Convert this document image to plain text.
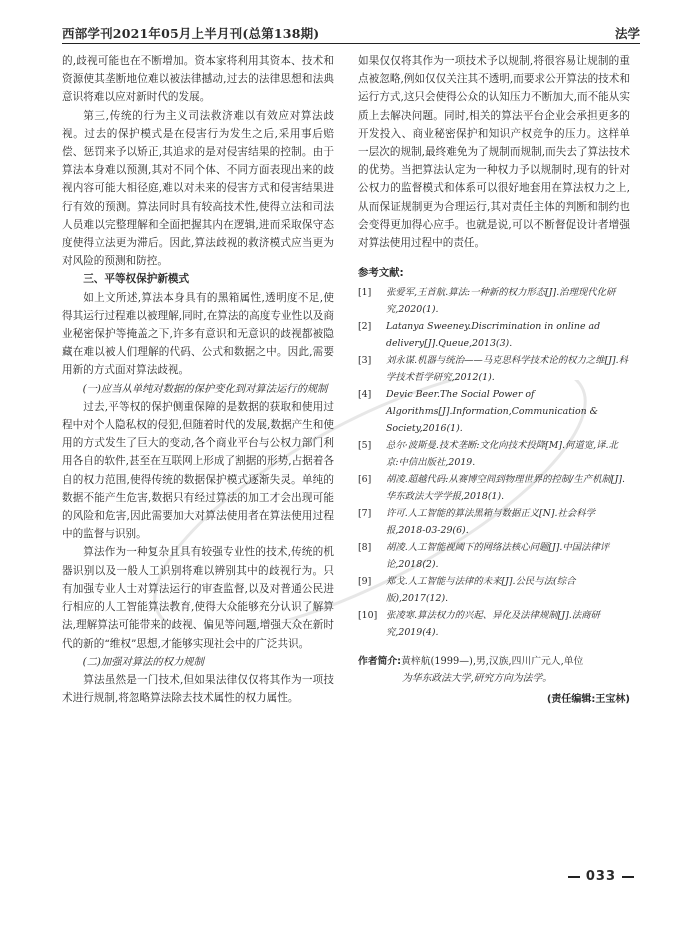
西部学刊2021年05月上半月刊(总第138期)	法学
的,歧视可能也在不断增加。资本家将利用其资本、技术和资源使其垄断地位难以被法律撼动,过去的法律思想和法典意识将难以应对新时代的发展。
第三,传统的行为主义司法救济难以有效应对算法歧视。过去的保护模式是在侵害行为发生之后,采用事后赔偿、惩罚来予以矫正,其追求的是对侵害结果的控制。由于算法本身难以预测,其对不同个体、不同方面表现出来的歧视内容可能大相径庭,难以对未来的侵害方式和侵害结果进行有效的预测。算法同时具有较高技术性,使得立法和司法人员难以完整理解和全面把握其内在逻辑,进而采取保守态度使得立法更为滞后。因此,算法歧视的救济模式应当更为对风险的预测和防控。
三、平等权保护新模式
如上文所述,算法本身具有的黑箱属性,透明度不足,使得其运行过程难以被理解,同时,在算法的高度专业性以及商业秘密保护等掩盖之下,许多有意识和无意识的歧视都被隐藏在难以被人们理解的代码、公式和数据之中。因此,需要用新的方式面对算法歧视。
(一)应当从单纯对数据的保护变化到对算法运行的规制
过去,平等权的保护侧重保障的是数据的获取和使用过程中对个人隐私权的侵犯,但随着时代的发展,数据产生和使用的方式发生了巨大的变动,各个商业平台与公权力部门利用各自的软件,甚至在互联网上形成了割据的形势,占据着各自的权力范围,使得传统的数据保护模式逐渐失灵。单纯的数据不能产生危害,数据只有经过算法的加工才会出现可能的风险和危害,因此需要加大对算法使用者在算法使用过程中的监督与识别。
算法作为一种复杂且具有较强专业性的技术,传统的机器识别以及一般人工识别将难以辨别其中的歧视行为。只有加强专业人士对算法运行的审查监督,以及对普通公民进行相应的人工智能算法教育,使得大众能够充分认识了解算法,理解算法可能带来的歧视、偏见等问题,增强大众在新时代的新的“维权”思想,才能够实现社会中的广泛共识。
(二)加强对算法的权力规制
算法虽然是一门技术,但如果法律仅仅将其作为一项技术进行规制,将忽略算法除去技术属性的权力属性。
如果仅仅将其作为一项技术予以规制,将很容易让规制的重点被忽略,例如仅仅关注其不透明,而要求公开算法的技术和运行方式,这只会使得公众的认知压力不断加大,而不能从实质上去解决问题。同时,相关的算法平台企业会承担更多的开发投入、商业秘密保护和知识产权竞争的压力。这样单一层次的规制,最终难免为了规制而规制,而失去了算法技术的优势。当把算法认定为一种权力予以规制时,现有的针对公权力的监督模式和体系可以很好地套用在算法权力之上,从而保证规制更为合理运行,其对责任主体的判断和制约也会变得更加得心应手。也就是说,可以不断督促设计者增强对算法使用过程中的责任。
参考文献:
[1] 张爱军,王首航.算法:一种新的权力形态[J].治理现代化研究,2020(1).
[2] Latanya Sweeney.Discrimination in online ad delivery[J].Queue,2013(3).
[3] 刘永谋.机器与统治——马克思科学技术论的权力之维[J].科学技术哲学研究,2012(1).
[4] Devic Beer.The Social Power of Algorithms[J].Information,Communication & Society,2016(1).
[5] 总尔·波斯曼.技术垄断:文化向技术投降[M].何道宽,译.北京:中信出版社,2019.
[6] 胡凌.超越代码:从赛博空间到物理世界的控制/生产机制[J].华东政法大学学报,2018(1).
[7] 许可.人工智能的算法黑箱与数据正义[N].社会科学报,2018-03-29(6).
[8] 胡凌.人工智能视阈下的网络法核心问题[J].中国法律评论,2018(2).
[9] 郑戈.人工智能与法律的未来[J].公民与法(综合版),2017(12).
[10] 张凌寒.算法权力的兴起、异化及法律规制[J].法商研究,2019(4).
作者简介:黄梓航(1999—),男,汉族,四川广元人,单位
为华东政法大学,研究方向为法学。
(责任编辑:王宝林)
033
